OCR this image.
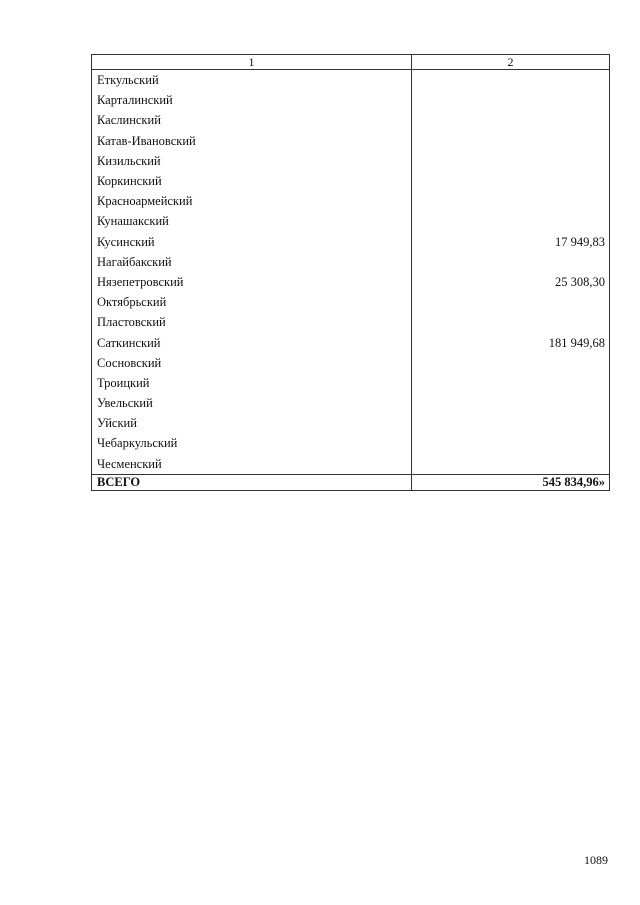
1	2
Еткульский	
Карталинский	
Каслинский	
Катав-Ивановский	
Кизильский	
Коркинский	
Красноармейский	
Кунашакский	
Кусинский	17 949,83
Нагайбакский	
Нязепетровский	25 308,30
Октябрьский	
Пластовский	
Саткинский	181 949,68
Сосновский	
Троицкий	
Увельский	
Уйский	
Чебаркульский	
Чесменский	
ВСЕГО	545 834,96»
1089
